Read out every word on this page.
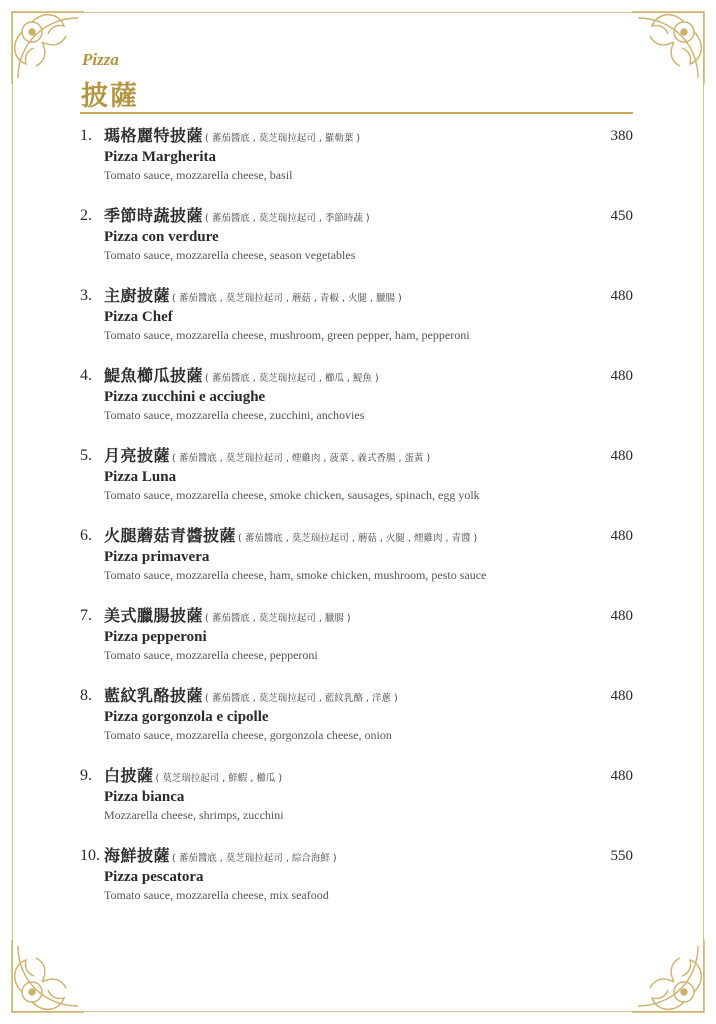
Pizza
披薩
1. 瑪格麗特披薩 ( 蕃茄醬底 , 莫芝瑞拉起司 , 羅勒葉 )	380
Pizza Margherita
Tomato sauce, mozzarella cheese, basil
2. 季節時蔬披薩 ( 蕃茄醬底 , 莫芝瑞拉起司 , 季節時蔬 )	450
Pizza con verdure
Tomato sauce, mozzarella cheese, season vegetables
3. 主廚披薩 ( 蕃茄醬底 , 莫芝瑞拉起司 , 蘑菇 , 青椒 , 火腿 , 臘腸 )	480
Pizza Chef
Tomato sauce, mozzarella cheese, mushroom, green pepper, ham, pepperoni
4. 鯷魚櫛瓜披薩 ( 蕃茄醬底 , 莫芝瑞拉起司 , 櫛瓜 , 鯷魚 )	480
Pizza zucchini e acciughe
Tomato sauce, mozzarella cheese, zucchini, anchovies
5. 月亮披薩 ( 蕃茄醬底 , 莫芝瑞拉起司 , 煙雞肉 , 菠菜 , 義式香腸 , 蛋黃 )	480
Pizza Luna
Tomato sauce, mozzarella cheese, smoke chicken, sausages, spinach, egg yolk
6. 火腿蘑菇青醬披薩 ( 蕃茄醬底 , 莫芝瑞拉起司 , 蘑菇 , 火腿 , 煙雞肉 , 青醬 )	480
Pizza primavera
Tomato sauce, mozzarella cheese, ham, smoke chicken, mushroom, pesto sauce
7. 美式臘腸披薩 ( 蕃茄醬底 , 莫芝瑞拉起司 , 臘腸 )	480
Pizza pepperoni
Tomato sauce, mozzarella cheese, pepperoni
8. 藍紋乳酪披薩 ( 蕃茄醬底 , 莫芝瑞拉起司 , 藍紋乳酪 , 洋蔥 )	480
Pizza gorgonzola e cipolle
Tomato sauce, mozzarella cheese, gorgonzola cheese, onion
9. 白披薩 ( 莫芝瑞拉起司 , 鮮蝦 , 櫛瓜 )	480
Pizza bianca
Mozzarella cheese, shrimps, zucchini
10. 海鮮披薩 ( 蕃茄醬底 , 莫芝瑞拉起司 , 綜合海鮮 )	550
Pizza pescatora
Tomato sauce, mozzarella cheese, mix seafood
